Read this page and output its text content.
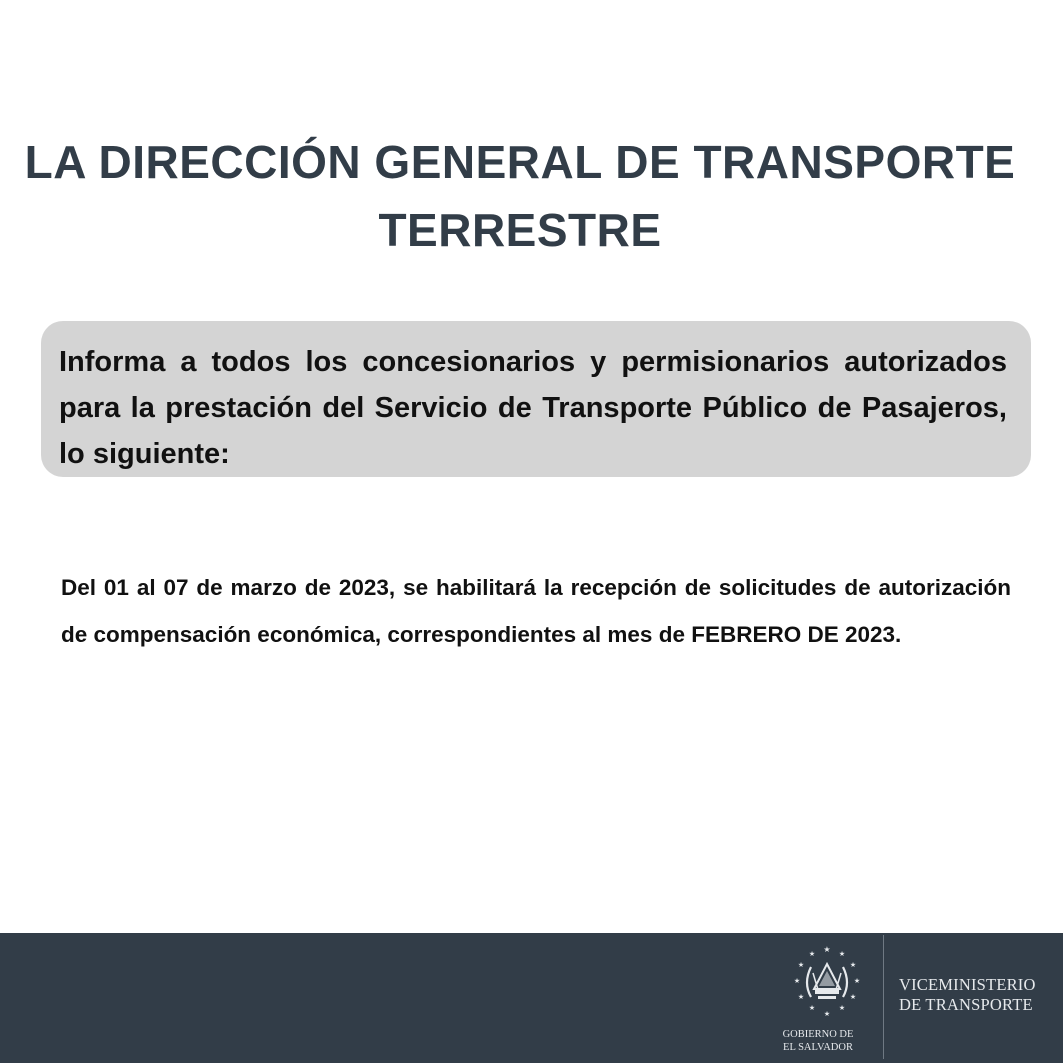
LA DIRECCIÓN GENERAL DE TRANSPORTE
TERRESTRE

Informa a todos los concesionarios y permisionarios autorizados para la prestación del Servicio de Transporte Público de Pasajeros, lo siguiente:

Del 01 al 07 de marzo de 2023, se habilitará la recepción de solicitudes de autorización de compensación económica, correspondientes al mes de FEBRERO DE 2023.

★ ★
★
★
★
★
★
★
★
★
★
★
GOBIERNO DE
EL SALVADOR
VICEMINISTERIO
DE TRANSPORTE
